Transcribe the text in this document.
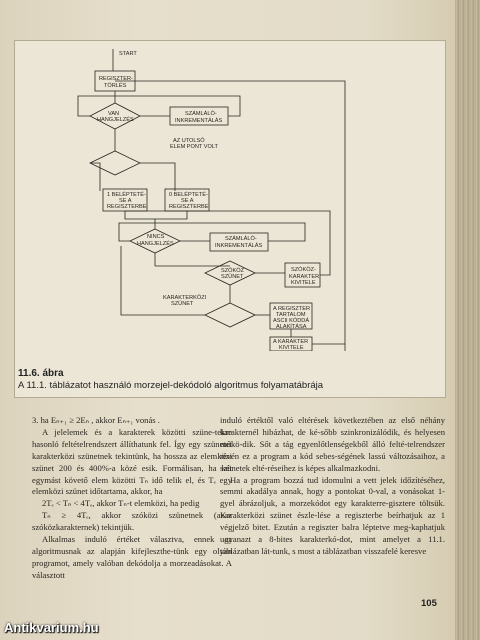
START
REGISZTER-
TÖRLÉS
VAN
HANGJELZÉS
SZÁMLÁLÓ-
INKREMENTÁLÁS
AZ UTOLSÓ
ELEM PONT VOLT
1 BELÉPTETÉ-
SE A
REGISZTERBE
0 BELÉPTETÉ-
SE A
REGISZTERBE
NINCS
HANGJELZÉS
SZÁMLÁLÓ-
INKREMENTÁLÁS
SZÓKÖZ
SZÜNET
SZÓKÖZ-
KARAKTER
KIVITELE
KARAKTERKÖZI
SZÜNET
A REGISZTER
TARTALOM
ASCII KÓDDÁ
ALAKÍTÁSA
A KARAKTER
KIVITELE
11.6. ábra
A 11.1. táblázatot használó morzejel-dekódoló algoritmus folyamatábrája

3. ha Eₙ₊₁ ≥ 2Eₙ , akkor Eₙ₊₁ vonás .

A jelelemek és a karakterek közötti szüne-tekre hasonló feltételrendszert állíthatunk fel. Így egy szünetet karakterközi szünetnek tekintünk, ha hossza az elemközi szünet 200 és 400%-a közé esik. Formálisan, ha két egymást követő elem közötti Tₙ idő telik el, és Tₑ egy elemközi szünet időtartama, akkor, ha

2Tₑ < Tₙ < 4Tₑ, akkor Tₙ-t elemközi, ha pedig

Tₙ ≥ 4Tₑ, akkor szóközi szünetnek (azaz szóközkarakternek) tekintjük.

Alkalmas induló értéket választva, ennek az algoritmusnak az alapján kifejleszthe-tünk egy olyan programot, amely valóban dekódolja a morzeadásokat. A választott

induló értéktől való eltérések következtében az első néhány karakternél hibázhat, de ké-sőbb szinkronizálódik, és helyesen műkö-dik. Sőt a tág egyenlőtlenségekből álló felté-telrendszer révén ez a program a kód sebes-ségének lassú változásaihoz, a szünetek elté-réseihez is képes alkalmazkodni.

Ha a program bozzá tud idomulni a vett jelek időzítéséhez, semmi akadálya annak, hogy a pontokat 0-val, a vonásokat 1-gyel ábrázoljuk, a morzekódot egy karakterre-gisztere töltsük. Karakterközi szünet észle-lése a regiszterbe beírhatjuk az 1 végjelző bitet. Ezután a regiszter balra léptetve meg-kaphatjuk ugyanazt a 8-bites karakterkó-dot, mint amelyet a 11.1. táblázatban lát-tunk, s most a táblázatban visszafelé keresve

105
Antikvarium.hu
